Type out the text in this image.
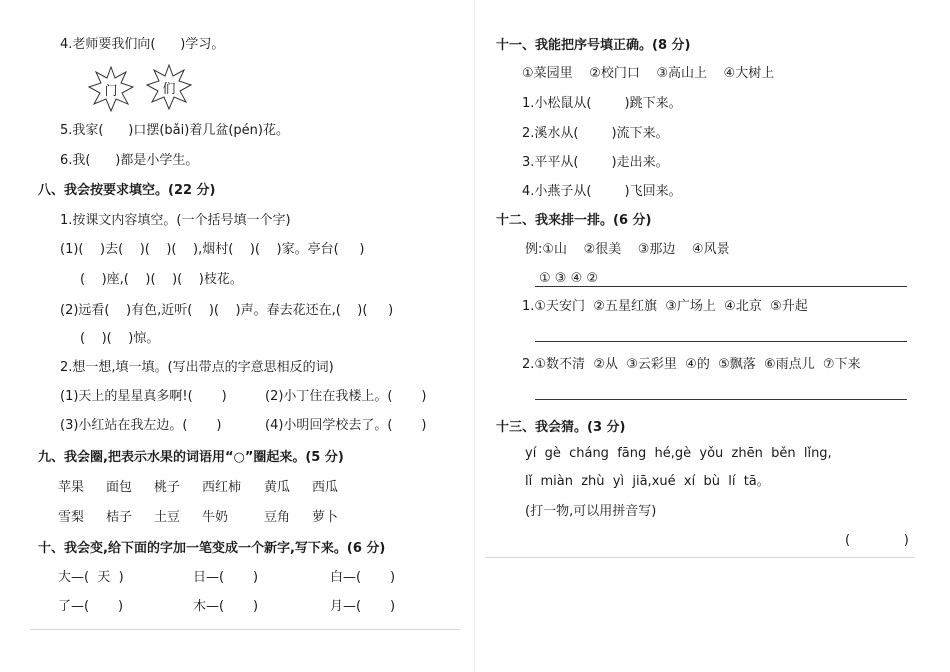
4.老师要我们向(      )学习。
门	们
5.我家(      )口摆(bǎi)着几盆(pén)花。
6.我(      )都是小学生。
八、我会按要求填空。(22 分)
1.按课文内容填空。(一个括号填一个字)
(1)(    )去(    )(    )(    ),烟村(    )(    )家。亭台(     )
(    )座,(    )(    )(    )枝花。
(2)远看(    )有色,近听(    )(    )声。春去花还在,(    )(     )
(    )(    )惊。
2.想一想,填一填。(写出带点的字意思相反的词)
(1)天上的星星真多啊!(       )	(2)小丁住在我楼上。(       )
(3)小红站在我左边。(       )	(4)小明回学校去了。(       )
九、我会圈,把表示水果的词语用“○”圈起来。(5 分)
苹果 面包 桃子 西红柿 黄瓜 西瓜
雪梨 桔子 土豆 牛奶	豆角 萝卜
十、我会变,给下面的字加一笔变成一个新字,写下来。(6 分)
大—(  天  )	日—(       )	白—(       )
了—(       )	木—(       )	月—(       )
十一、我能把序号填正确。(8 分)
①菜园里    ②校门口    ③高山上    ④大树上
1.小松鼠从(        )跳下来。
2.溪水从(        )流下来。
3.平平从(        )走出来。
4.小燕子从(        )飞回来。
十二、我来排一排。(6 分)
例:①山    ②很美    ③那边    ④风景
① ③ ④ ②
1.①天安门  ②五星红旗  ③广场上  ④北京  ⑤升起
2.①数不清  ②从  ③云彩里  ④的  ⑤飘落  ⑥雨点儿  ⑦下来
十三、我会猜。(3 分)
yí  gè  cháng  fāng  hé,gè  yǒu  zhēn  běn  lǐng,
lǐ  miàn  zhù  yì  jiā,xué  xí  bù  lí  tā。
(打一物,可以用拼音写)
(             )
